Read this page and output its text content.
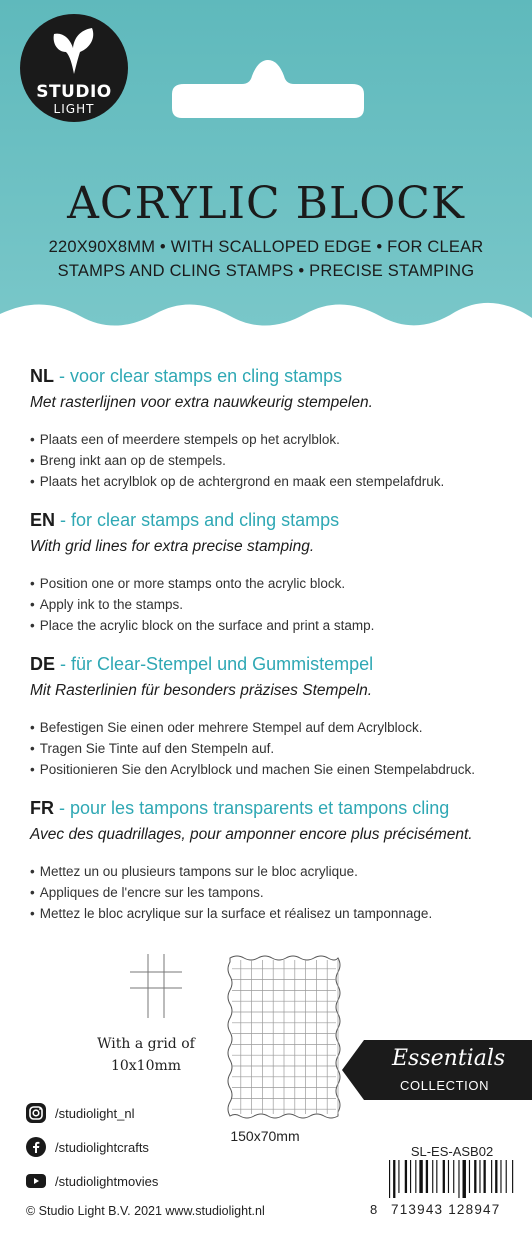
STUDIO
LIGHT
ACRYLIC BLOCK
220X90X8MM • WITH SCALLOPED EDGE • FOR CLEAR
STAMPS AND CLING STAMPS • PRECISE STAMPING
NL - voor clear stamps en cling stamps
Met rasterlijnen voor extra nauwkeurig stempelen.
• Plaats een of meerdere stempels op het acrylblok.
• Breng inkt aan op de stempels.
• Plaats het acrylblok op de achtergrond en maak een stempelafdruk.
EN - for clear stamps and cling stamps
With grid lines for extra precise stamping.
• Position one or more stamps onto the acrylic block.
• Apply ink to the stamps.
• Place the acrylic block on the surface and print a stamp.
DE - für Clear-Stempel und Gummistempel
Mit Rasterlinien für besonders präzises Stempeln.
• Befestigen Sie einen oder mehrere Stempel auf dem Acrylblock.
• Tragen Sie Tinte auf den Stempeln auf.
• Positionieren Sie den Acrylblock und machen Sie einen Stempelabdruck.
FR - pour les tampons transparents et tampons cling
Avec des quadrillages, pour amponner encore plus précisément.
• Mettez un ou plusieurs tampons sur le bloc acrylique.
• Appliques de l'encre sur les tampons.
• Mettez le bloc acrylique sur la surface et réalisez un tamponnage.
With a grid of
10x10mm
150x70mm
Essentials
COLLECTION
/studiolight_nl
/studiolightcrafts
/studiolightmovies
SL-ES-ASB02
8 713943 128947
© Studio Light B.V. 2021 www.studiolight.nl
